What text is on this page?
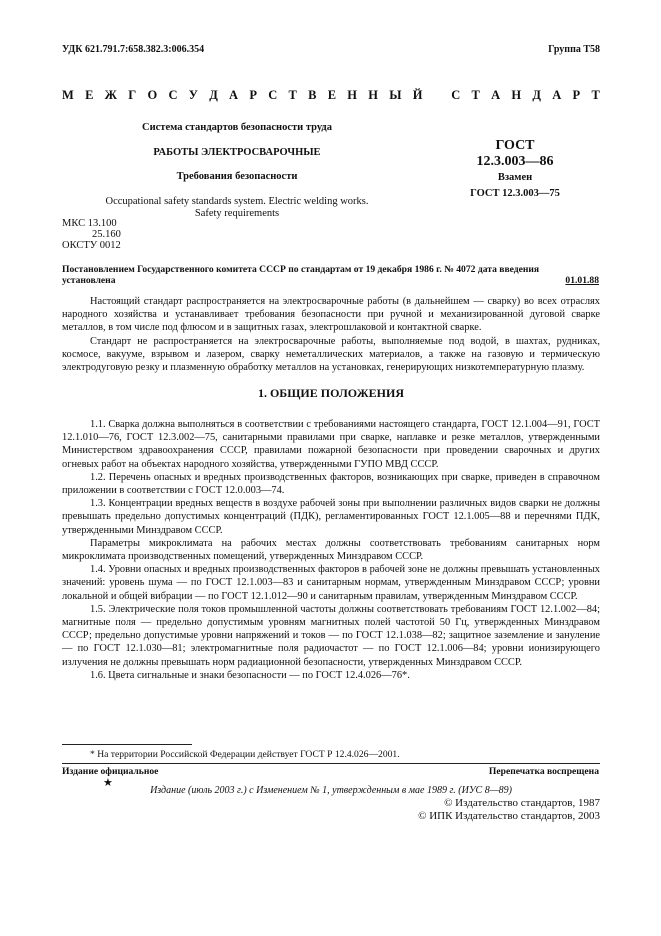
УДК 621.791.7:658.382.3:006.354	Группа Т58
М Е Ж Г О С У Д А Р С Т В Е Н Н Ы Й
С Т А Н Д А Р Т
Система стандартов безопасности труда
РАБОТЫ ЭЛЕКТРОСВАРОЧНЫЕ
Требования безопасности
Occupational safety standards system. Electric welding works.
Safety requirements
МКС 13.100
25.160
ОКСТУ 0012
ГОСТ
12.3.003—86
Взамен
ГОСТ 12.3.003—75
Постановлением Государственного комитета СССР по стандартам от 19 декабря 1986 г. № 4072 дата введения
установлена	01.01.88

Настоящий стандарт распространяется на электросварочные работы (в дальнейшем — сварку) во всех отраслях народного хозяйства и устанавливает требования безопасности при ручной и механизированной дуговой сварке металлов, в том числе под флюсом и в защитных газах, электрошлаковой и контактной сварке.

Стандарт не распространяется на электросварочные работы, выполняемые под водой, в шахтах, рудниках, космосе, вакууме, взрывом и лазером, сварку неметаллических материалов, а также на газовую и термическую электродуговую резку и плазменную обработку металлов на установках, генерирующих низкотемпературную плазму.

1. ОБЩИЕ ПОЛОЖЕНИЯ

1.1. Сварка должна выполняться в соответствии с требованиями настоящего стандарта, ГОСТ 12.1.004—91, ГОСТ 12.1.010—76, ГОСТ 12.3.002—75, санитарными правилами при сварке, наплавке и резке металлов, утвержденными Министерством здравоохранения СССР, правилами пожарной безопасности при проведении сварочных и других огневых работ на объектах народного хозяйства, утвержденными ГУПО МВД СССР.

1.2. Перечень опасных и вредных производственных факторов, возникающих при сварке, приведен в справочном приложении в соответствии с ГОСТ 12.0.003—74.

1.3. Концентрации вредных веществ в воздухе рабочей зоны при выполнении различных видов сварки не должны превышать предельно допустимых концентраций (ПДК), регламентированных ГОСТ 12.1.005—88 и перечнями ПДК, утвержденными Минздравом СССР.

Параметры микроклимата на рабочих местах должны соответствовать требованиям санитарных норм микроклимата производственных помещений, утвержденных Минздравом СССР.

1.4. Уровни опасных и вредных производственных факторов в рабочей зоне не должны превышать установленных значений: уровень шума — по ГОСТ 12.1.003—83 и санитарным нормам, утвержденным Минздравом СССР; уровни локальной и общей вибрации — по ГОСТ 12.1.012—90 и санитарным правилам, утвержденным Минздравом СССР.

1.5. Электрические поля токов промышленной частоты должны соответствовать требованиям ГОСТ 12.1.002—84; магнитные поля — предельно допустимым уровням магнитных полей частотой 50 Гц, утвержденных Минздравом СССР; предельно допустимые уровни напряжений и токов — по ГОСТ 12.1.038—82; защитное заземление и зануление — по ГОСТ 12.1.030—81; электромагнитные поля радиочастот — по ГОСТ 12.1.006—84; уровни ионизирующего излучения не должны превышать норм радиационной безопасности, утвержденных Минздравом СССР.

1.6. Цвета сигнальные и знаки безопасности — по ГОСТ 12.4.026—76*.

* На территории Российской Федерации действует ГОСТ Р 12.4.026—2001.
Издание официальное
★
Перепечатка воспрещена
Издание (июль 2003 г.) с Изменением № 1, утвержденным в мае 1989 г. (ИУС 8—89)
© Издательство стандартов, 1987
© ИПК Издательство стандартов, 2003
